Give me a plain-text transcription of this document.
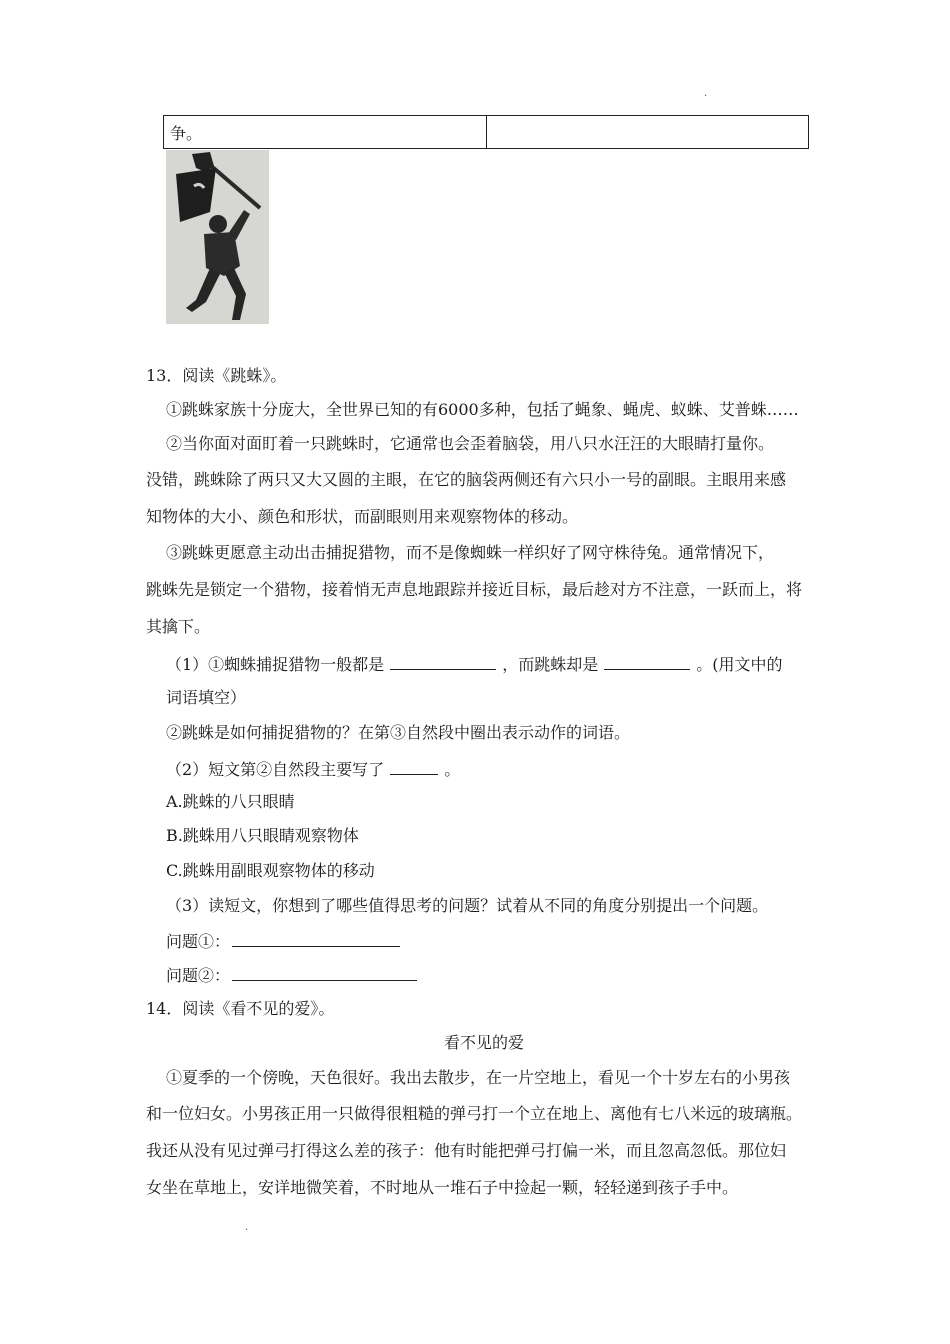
.
争。	
13．阅读《跳蛛》。
①跳蛛家族十分庞大，全世界已知的有6000多种，包括了蝇象、蝇虎、蚁蛛、艾普蛛……
②当你面对面盯着一只跳蛛时，它通常也会歪着脑袋，用八只水汪汪的大眼睛打量你。
没错，跳蛛除了两只又大又圆的主眼，在它的脑袋两侧还有六只小一号的副眼。主眼用来感
知物体的大小、颜色和形状，而副眼则用来观察物体的移动。
③跳蛛更愿意主动出击捕捉猎物，而不是像蜘蛛一样织好了网守株待兔。通常情况下，
跳蛛先是锁定一个猎物，接着悄无声息地跟踪并接近目标，最后趁对方不注意，一跃而上，将
其擒下。
（1）①蜘蛛捕捉猎物一般都是	，而跳蛛却是	。(用文中的
词语填空）
②跳蛛是如何捕捉猎物的？在第③自然段中圈出表示动作的词语。
（2）短文第②自然段主要写了	。
A.跳蛛的八只眼睛
B.跳蛛用八只眼睛观察物体
C.跳蛛用副眼观察物体的移动
（3）读短文，你想到了哪些值得思考的问题？试着从不同的角度分别提出一个问题。
问题①：
问题②：
14．阅读《看不见的爱》。
看不见的爱
①夏季的一个傍晚，天色很好。我出去散步，在一片空地上，看见一个十岁左右的小男孩
和一位妇女。小男孩正用一只做得很粗糙的弹弓打一个立在地上、离他有七八米远的玻璃瓶。
我还从没有见过弹弓打得这么差的孩子：他有时能把弹弓打偏一米，而且忽高忽低。那位妇
女坐在草地上，安详地微笑着，不时地从一堆石子中捡起一颗，轻轻递到孩子手中。
.
